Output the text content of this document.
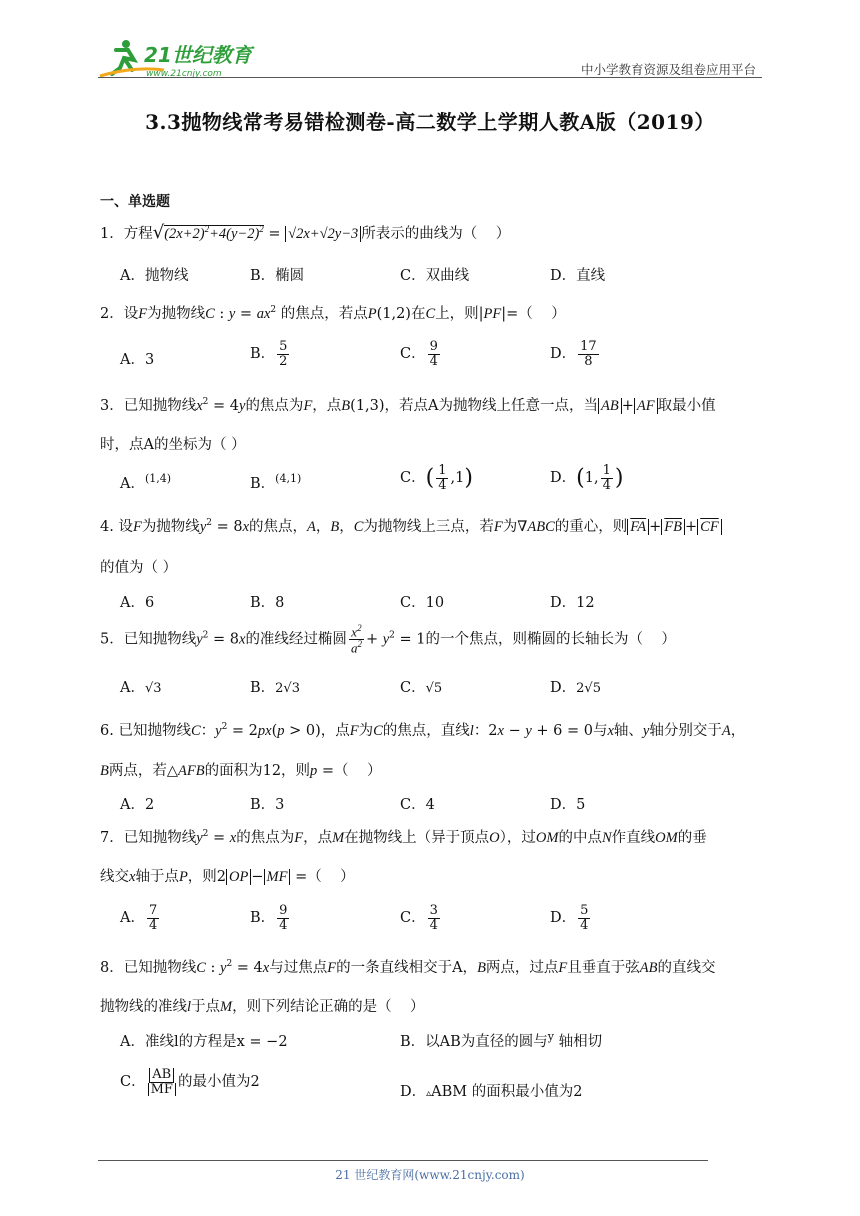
21世纪教育
www.21cnjy.com	中小学教育资源及组卷应用平台
3.3抛物线常考易错检测卷-高二数学上学期人教A版（2019）
一、单选题
1．方程$√(2x+2)^2+4(y-2)^2 = √2x+√2y-3$ 所表示的曲线为（    ）
A．抛物线	B．椭圆	C．双曲线	D．直线
2．设F为抛物线C : $y = ax^2$ 的焦点，若点P(1,2)在C上，则|PF|=（    ）
A．3	B． $\frac{5}{2}$	C． $\frac{9}{4}$	D． $\frac{17}{8}$
3．已知抛物线$x^2 = 4y$的焦点为F，点B(1,3)，若点A为抛物线上任意一点，当 AB + AF 取最小值
时，点A的坐标为（ ）
A．$^{(1,4)}$	B．$^{(4,1)}$	C．( $\frac{1}{4} ,1$)	D．(1, $\frac{1}{4}$ )
4. 设F为抛物线$y^2 = 8x$的焦点，A，B，C为抛物线上三点，若F为∇ABC的重心，则 $\overline{FA} + \overline{FB} + \overline{CF}$
的值为（ ）
A．6	B．8	C．10	D．12
5．已知抛物线$y^2 = 8x$的准线经过椭圆 $\frac{x^2}{a^2} + y^2 = 1$的一个焦点，则椭圆的长轴长为（    ）
A．√3	B．2√3	C．√5	D．2√5
6. 已知抛物线C：$y^2 = 2px(p > 0)$，点F为C的焦点，直线l：2x − y + 6 = 0与x轴、y轴分别交于A，
B两点，若△AFB的面积为12，则p =（    ）
A．2	B．3	C．4	D．5
7．已知抛物线$y^2 = x$的焦点为F，点M在抛物线上（异于顶点O），过OM的中点N作直线OM的垂
线交x轴于点P，则2 OP − MF =（    ）
A． $\frac{7}{4}$	B． $\frac{9}{4}$	C． $\frac{3}{4}$	D． $\frac{5}{4}$
8．已知抛物线C : $y^2 = 4x$与过焦点F的一条直线相交于A，B两点，过点F且垂直于弦AB的直线交
抛物线的准线l于点M，则下列结论正确的是（    ）
A．准线l的方程是x = −2	B．以AB为直径的圆与$^y$ 轴相切
C． $\frac{AB}{MF}$ 的最小值为2
D．▵ABM 的面积最小值为2
21 世纪教育网(www.21cnjy.com)
